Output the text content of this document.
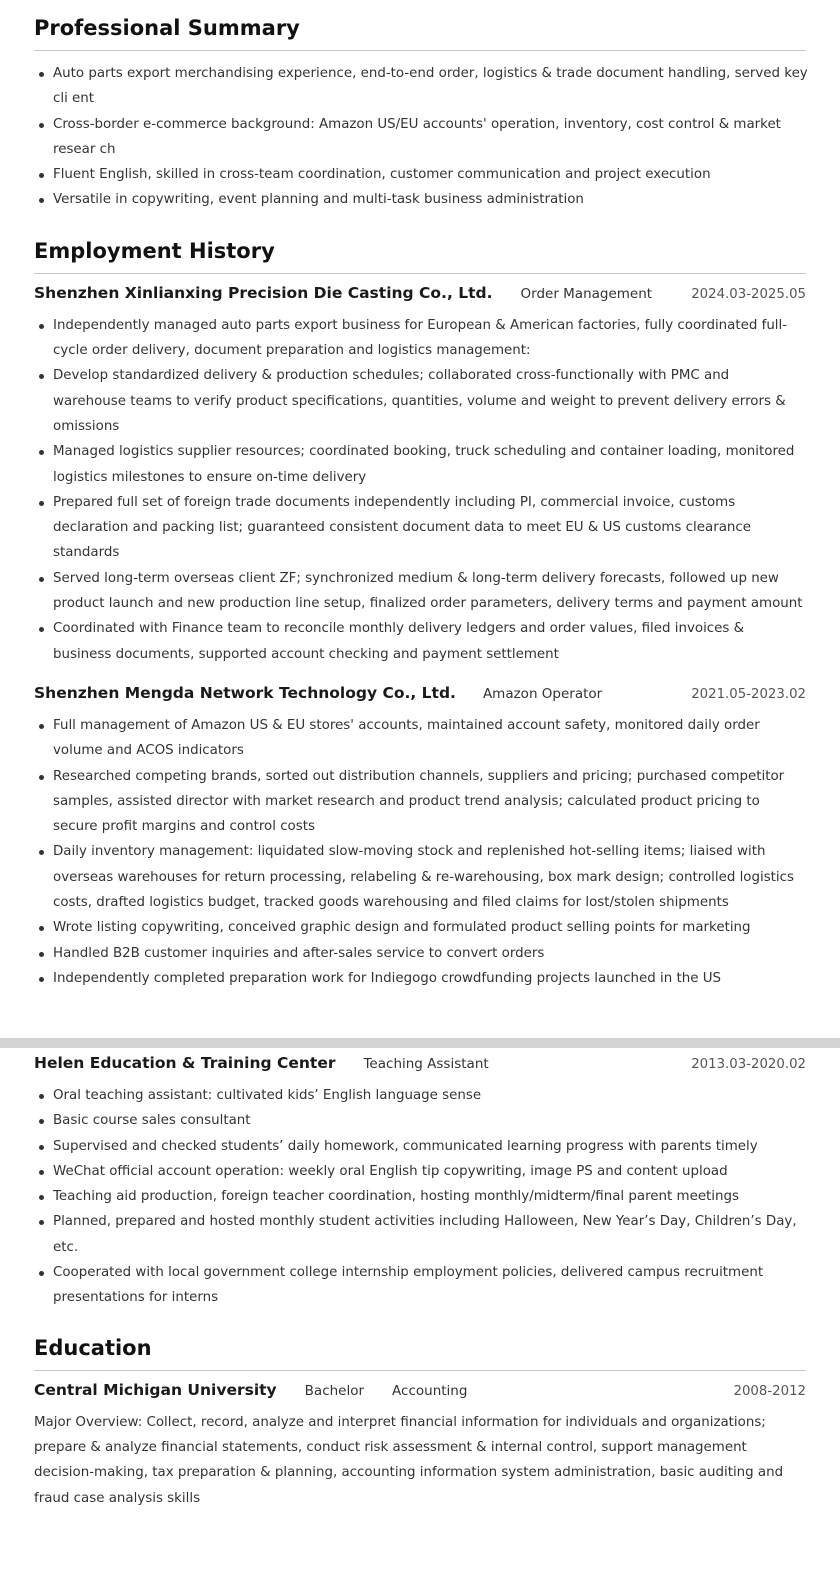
Professional Summary
Auto parts export merchandising experience, end-to-end order, logistics & trade document handling, served key cli ent
Cross-border e-commerce background: Amazon US/EU accounts' operation, inventory, cost control & market resear ch
Fluent English, skilled in cross-team coordination, customer communication and project execution
Versatile in copywriting, event planning and multi-task business administration
Employment History
Shenzhen Xinlianxing Precision Die Casting Co., Ltd. Order Management	2024.03-2025.05
Independently managed auto parts export business for European & American factories, fully coordinated full-cycle order delivery, document preparation and logistics management:
Develop standardized delivery & production schedules; collaborated cross-functionally with PMC and warehouse teams to verify product specifications, quantities, volume and weight to prevent delivery errors & omissions
Managed logistics supplier resources; coordinated booking, truck scheduling and container loading, monitored logistics milestones to ensure on-time delivery
Prepared full set of foreign trade documents independently including PI, commercial invoice, customs declaration and packing list; guaranteed consistent document data to meet EU & US customs clearance standards
Served long-term overseas client ZF; synchronized medium & long-term delivery forecasts, followed up new product launch and new production line setup, finalized order parameters, delivery terms and payment amount
Coordinated with Finance team to reconcile monthly delivery ledgers and order values, filed invoices & business documents, supported account checking and payment settlement
Shenzhen Mengda Network Technology Co., Ltd. Amazon Operator	2021.05-2023.02
Full management of Amazon US & EU stores' accounts, maintained account safety, monitored daily order volume and ACOS indicators
Researched competing brands, sorted out distribution channels, suppliers and pricing; purchased competitor samples, assisted director with market research and product trend analysis; calculated product pricing to secure profit margins and control costs
Daily inventory management: liquidated slow-moving stock and replenished hot-selling items; liaised with overseas warehouses for return processing, relabeling & re-warehousing, box mark design; controlled logistics costs, drafted logistics budget, tracked goods warehousing and filed claims for lost/stolen shipments
Wrote listing copywriting, conceived graphic design and formulated product selling points for marketing
Handled B2B customer inquiries and after-sales service to convert orders
Independently completed preparation work for Indiegogo crowdfunding projects launched in the US
Helen Education & Training Center Teaching Assistant	2013.03-2020.02
Oral teaching assistant: cultivated kids’ English language sense
Basic course sales consultant
Supervised and checked students’ daily homework, communicated learning progress with parents timely
WeChat official account operation: weekly oral English tip copywriting, image PS and content upload
Teaching aid production, foreign teacher coordination, hosting monthly/midterm/final parent meetings
Planned, prepared and hosted monthly student activities including Halloween, New Year’s Day, Children’s Day, etc.
Cooperated with local government college internship employment policies, delivered campus recruitment presentations for interns
Education
Central Michigan University Bachelor Accounting	2008-2012

Major Overview: Collect, record, analyze and interpret financial information for individuals and organizations; prepare & analyze financial statements, conduct risk assessment & internal control, support management decision-making, tax preparation & planning, accounting information system administration, basic auditing and fraud case analysis skills
